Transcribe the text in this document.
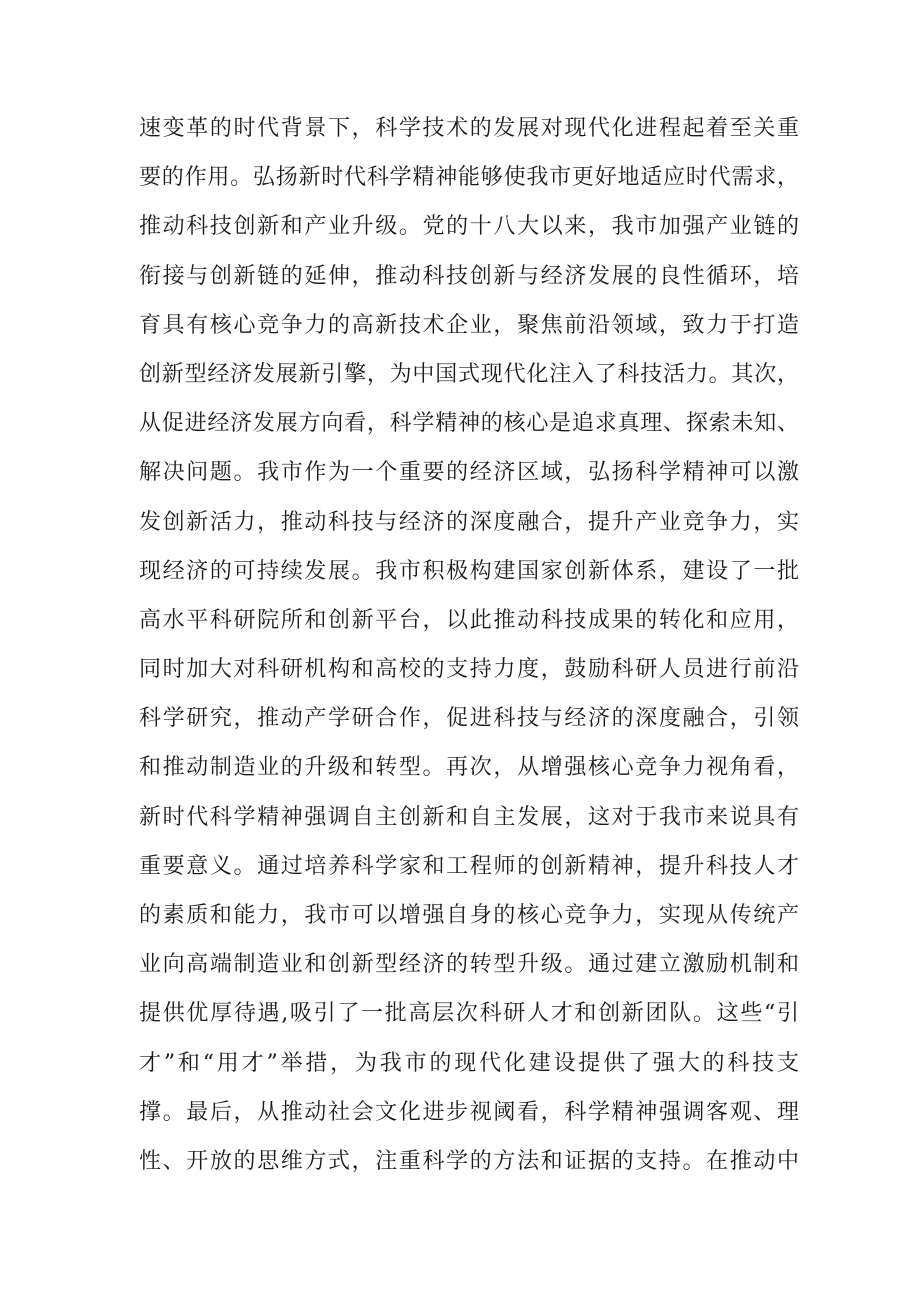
速变革的时代背景下，科学技术的发展对现代化进程起着至关重
要的作用。弘扬新时代科学精神能够使我市更好地适应时代需求，
推动科技创新和产业升级。党的十八大以来，我市加强产业链的
衔接与创新链的延伸，推动科技创新与经济发展的良性循环，培
育具有核心竞争力的高新技术企业，聚焦前沿领域，致力于打造
创新型经济发展新引擎，为中国式现代化注入了科技活力。其次，
从促进经济发展方向看，科学精神的核心是追求真理、探索未知、
解决问题。我市作为一个重要的经济区域，弘扬科学精神可以激
发创新活力，推动科技与经济的深度融合，提升产业竞争力，实
现经济的可持续发展。我市积极构建国家创新体系，建设了一批
高水平科研院所和创新平台，以此推动科技成果的转化和应用，
同时加大对科研机构和高校的支持力度，鼓励科研人员进行前沿
科学研究，推动产学研合作，促进科技与经济的深度融合，引领
和推动制造业的升级和转型。再次，从增强核心竞争力视角看，
新时代科学精神强调自主创新和自主发展，这对于我市来说具有
重要意义。通过培养科学家和工程师的创新精神，提升科技人才
的素质和能力，我市可以增强自身的核心竞争力，实现从传统产
业向高端制造业和创新型经济的转型升级。通过建立激励机制和
提供优厚待遇,吸引了一批高层次科研人才和创新团队。这些“引
才”和“用才”举措，为我市的现代化建设提供了强大的科技支
撑。最后，从推动社会文化进步视阈看，科学精神强调客观、理
性、开放的思维方式，注重科学的方法和证据的支持。在推动中
